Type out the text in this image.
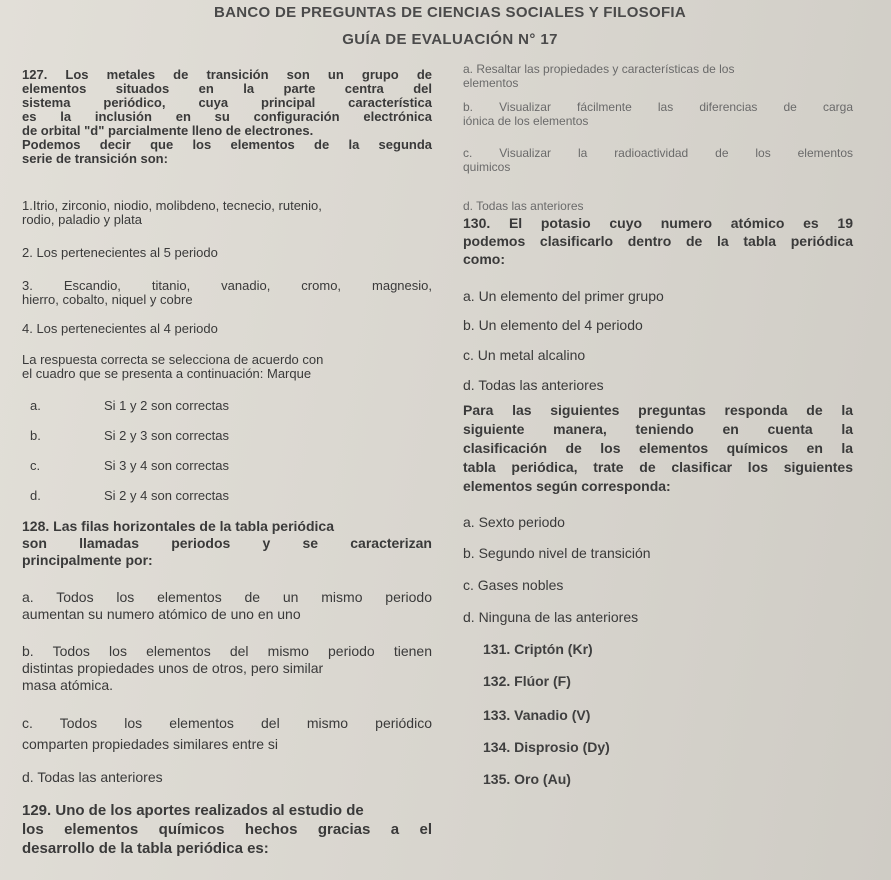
BANCO DE PREGUNTAS DE CIENCIAS SOCIALES Y FILOSOFIA
GUÍA DE EVALUACIÓN N° 17
127. Los metales de transición son un grupo de
elementos situados en la parte centra del
sistema periódico, cuya principal característica
es la inclusión en su configuración electrónica
de orbital "d" parcialmente lleno de electrones.
Podemos decir que los elementos de la segunda
serie de transición son:
1.Itrio, zirconio, niodio, molibdeno, tecnecio, rutenio,
rodio, paladio y plata
2. Los pertenecientes al 5 periodo
3. Escandio, titanio, vanadio, cromo, magnesio,
hierro, cobalto, niquel y cobre
4. Los pertenecientes al 4 periodo
La respuesta correcta se selecciona de acuerdo con
el cuadro que se presenta a continuación: Marque
a.	Si 1 y 2 son correctas
b.	Si 2 y 3 son correctas
c.	Si 3 y 4 son correctas
d.	Si 2 y 4 son correctas
128. Las filas horizontales de la tabla periódica
son llamadas periodos y se caracterizan
principalmente por:
a. Todos los elementos de un mismo periodo
aumentan su numero atómico de uno en uno
b. Todos los elementos del mismo periodo tienen
distintas propiedades unos de otros, pero similar
masa atómica.
c. Todos los elementos del mismo periódico
comparten propiedades similares entre si
d. Todas las anteriores
129. Uno de los aportes realizados al estudio de
los elementos químicos hechos gracias a el
desarrollo de la tabla periódica es:
a. Resaltar las propiedades y características de los
elementos
b. Visualizar fácilmente las diferencias de carga
iónica de los elementos
c. Visualizar la radioactividad de los elementos
quimicos
d. Todas las anteriores
130. El potasio cuyo numero atómico es 19
podemos clasificarlo dentro de la tabla periódica
como:
a. Un elemento del primer grupo
b. Un elemento del 4 periodo
c. Un metal alcalino
d. Todas las anteriores
Para las siguientes preguntas responda de la
siguiente manera, teniendo en cuenta la
clasificación de los elementos químicos en la
tabla periódica, trate de clasificar los siguientes
elementos según corresponda:
a. Sexto periodo
b. Segundo nivel de transición
c. Gases nobles
d. Ninguna de las anteriores
131. Criptón (Kr)
132. Flúor (F)
133. Vanadio (V)
134. Disprosio (Dy)
135. Oro (Au)
